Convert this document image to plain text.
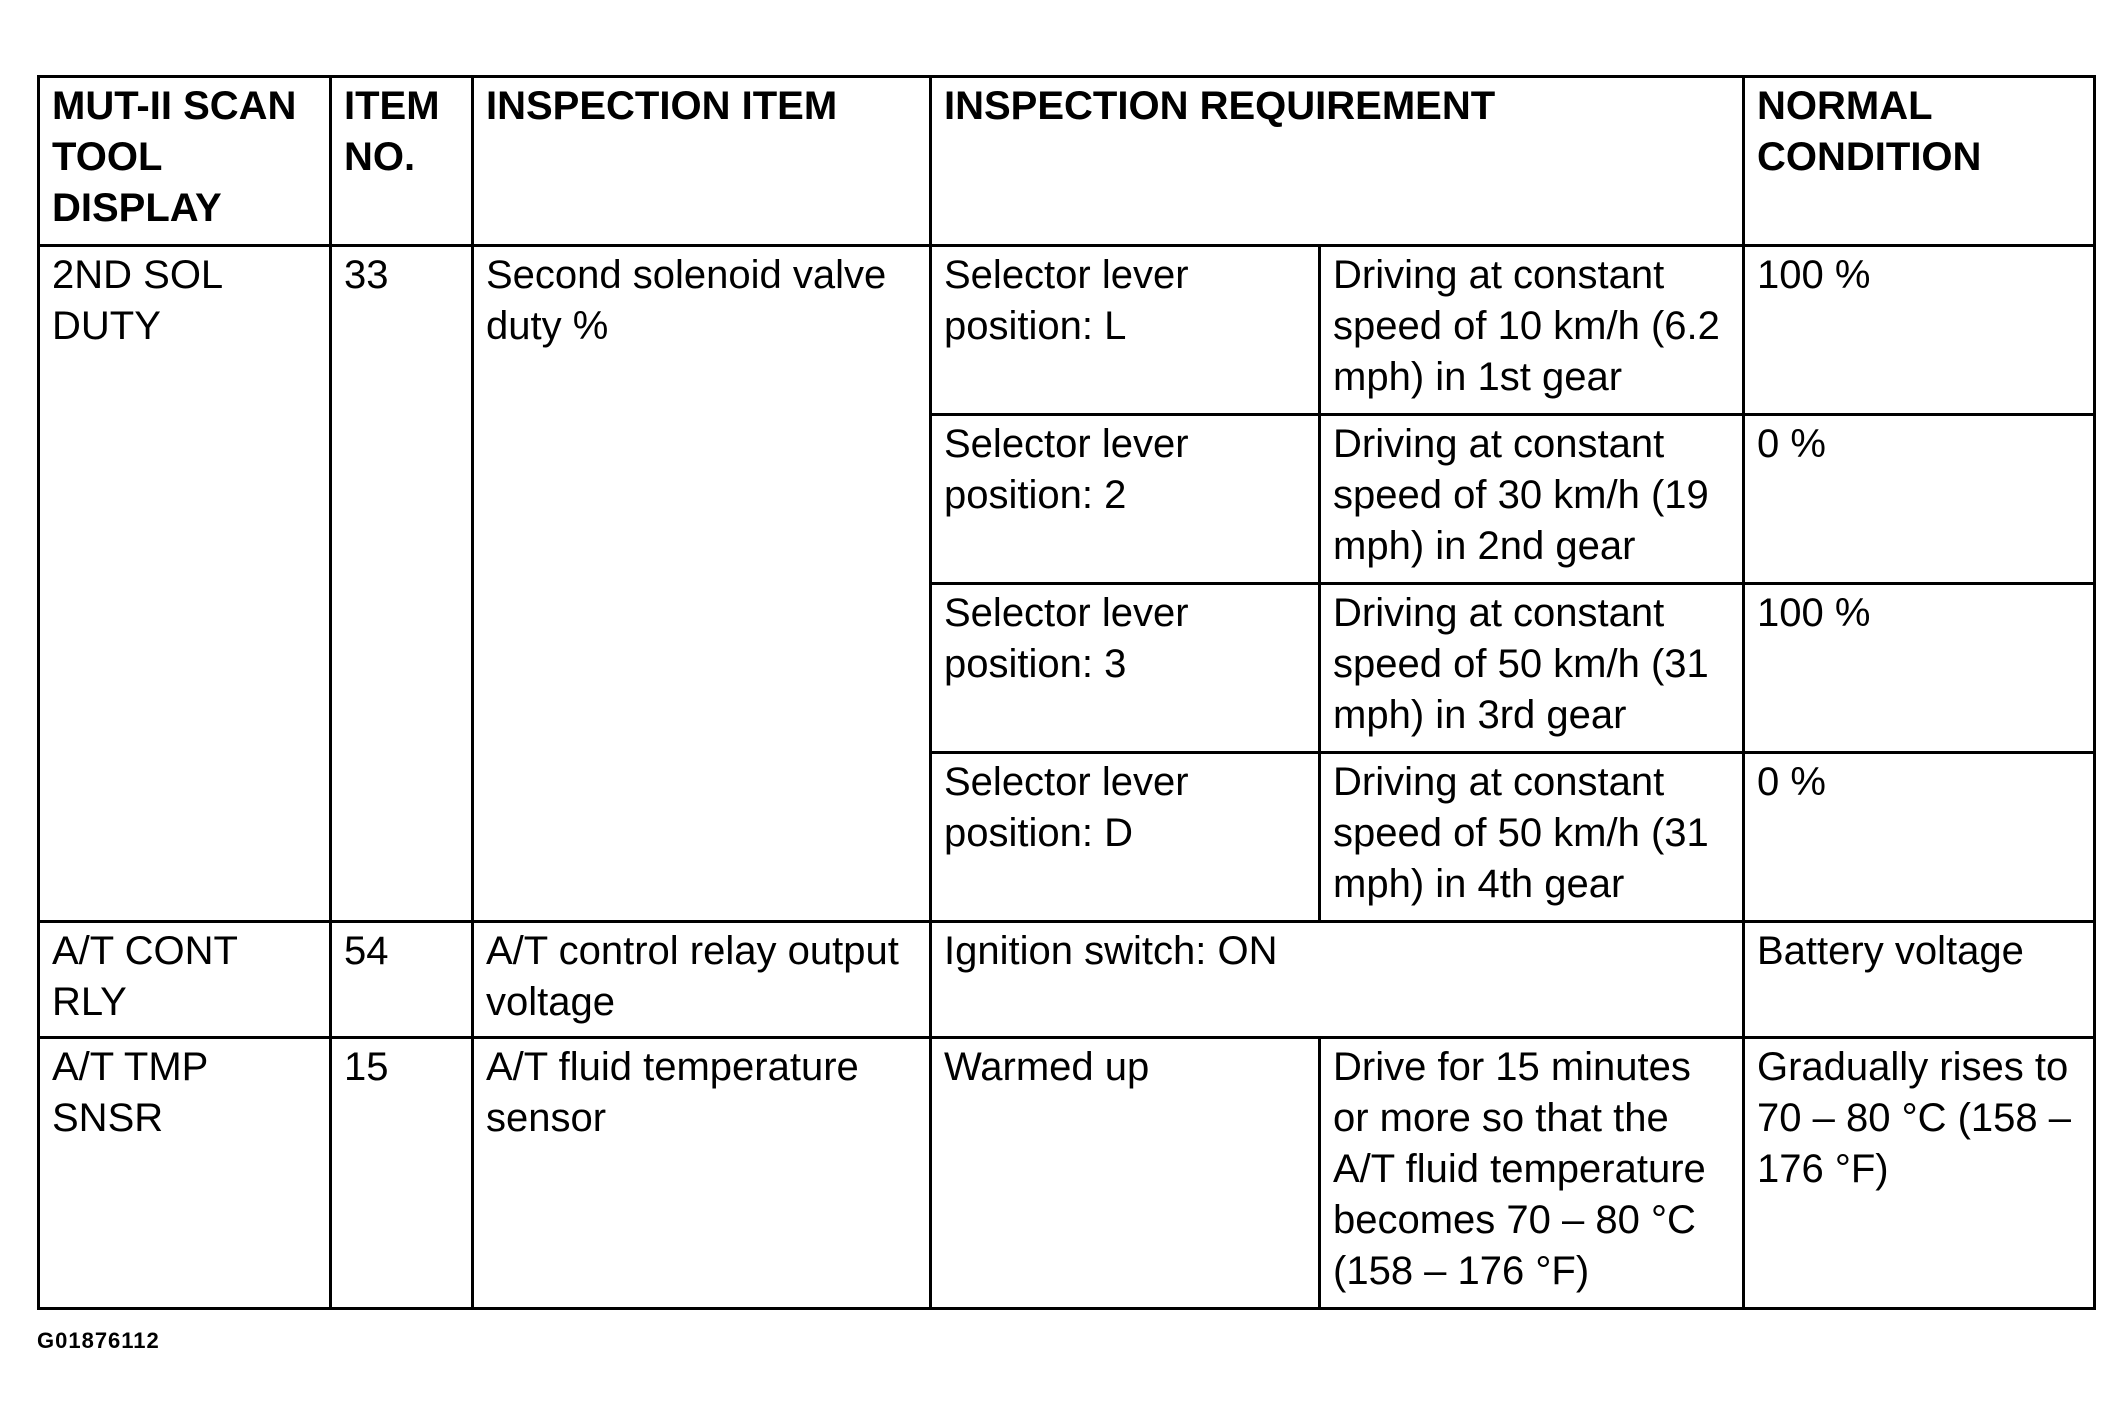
MUT-II SCAN TOOL DISPLAY	ITEM NO.	INSPECTION ITEM	INSPECTION REQUIREMENT		NORMAL CONDITION
2ND SOL DUTY	33	Second solenoid valve duty %	Selector lever position: L	Driving at constant speed of 10 km/h (6.2 mph) in 1st gear	100 %
			Selector lever position: 2	Driving at constant speed of 30 km/h (19 mph) in 2nd gear	0 %
			Selector lever position: 3	Driving at constant speed of 50 km/h (31 mph) in 3rd gear	100 %
			Selector lever position: D	Driving at constant speed of 50 km/h (31 mph) in 4th gear	0 %
A/T CONT RLY	54	A/T control relay output voltage	Ignition switch: ON		Battery voltage
A/T TMP SNSR	15	A/T fluid temperature sensor	Warmed up	Drive for 15 minutes or more so that the A/T fluid temperature becomes 70 – 80 °C (158 – 176 °F)	Gradually rises to 70 – 80 °C (158 – 176 °F)
G01876112
